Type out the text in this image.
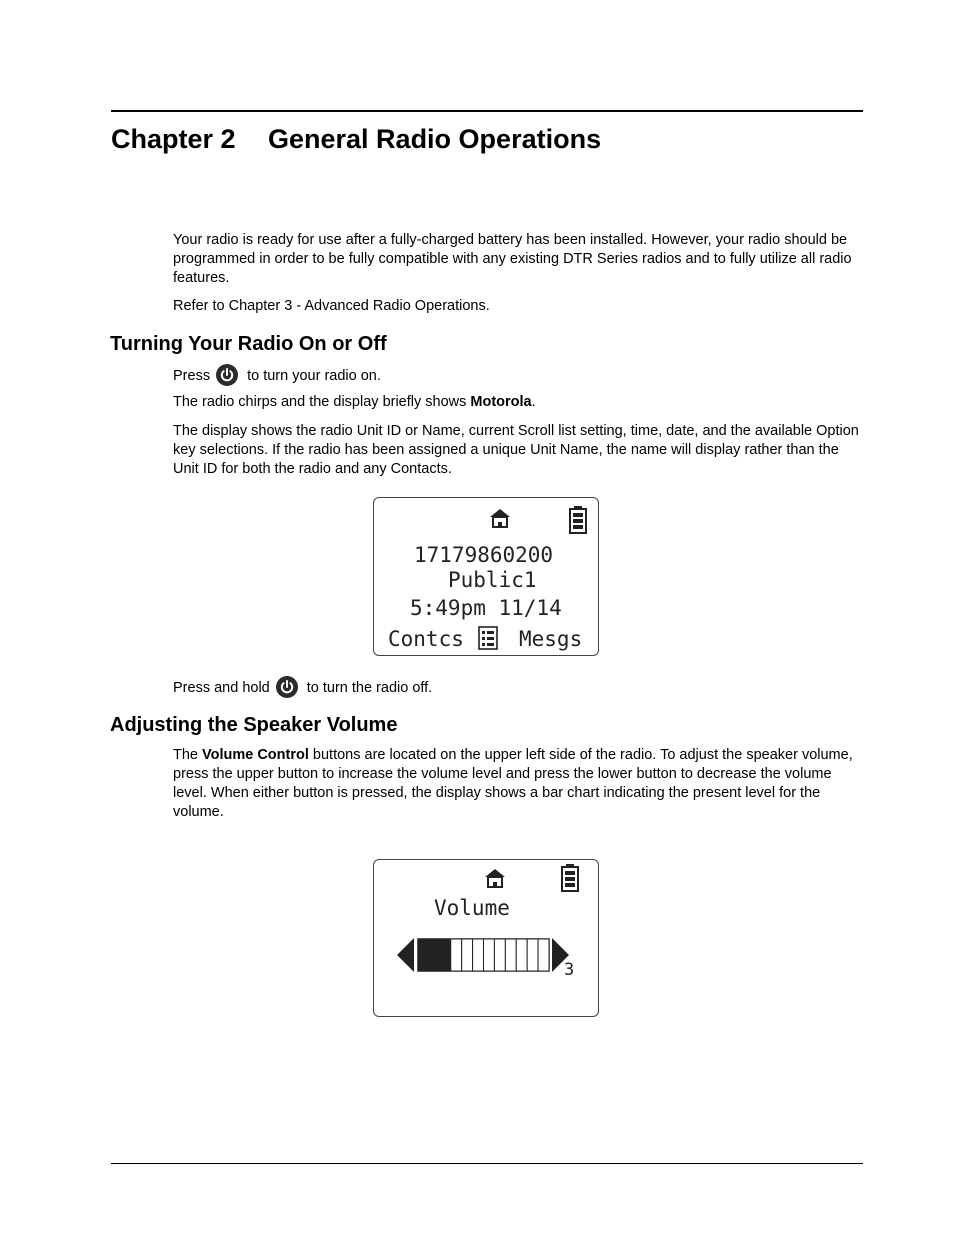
Chapter 2 General Radio Operations

Your radio is ready for use after a fully-charged battery has been installed. However, your radio should be programmed in order to be fully compatible with any existing DTR Series radios and to fully utilize all radio features.

Refer to Chapter 3 - Advanced Radio Operations.

Turning Your Radio On or Off

Press	to turn your radio on.

The radio chirps and the display briefly shows Motorola.

The display shows the radio Unit ID or Name, current Scroll list setting, time, date, and the available Option key selections. If the radio has been assigned a unique Unit Name, the name will display rather than the Unit ID for both the radio and any Contacts.

17179860200
Public1
5:49pm 11/14
Contcs	Mesgs

Press and hold	to turn the radio off.

Adjusting the Speaker Volume

The Volume Control buttons are located on the upper left side of the radio. To adjust the speaker volume, press the upper button to increase the volume level and press the lower button to decrease the volume level. When either button is pressed, the display shows a bar chart indicating the present level for the volume.

Volume
3
